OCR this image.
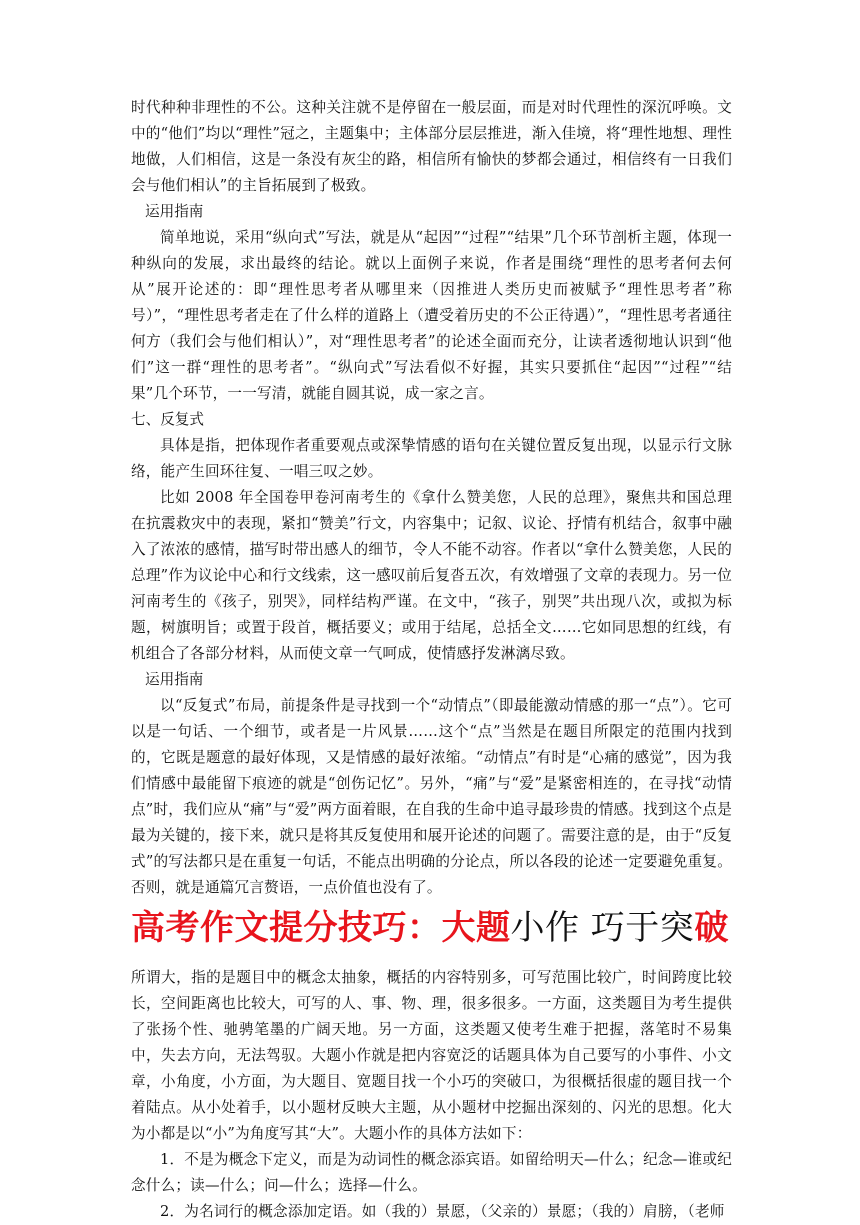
时代种种非理性的不公。这种关注就不是停留在一般层面，而是对时代理性的深沉呼唤。文中的“他们”均以“理性”冠之，主题集中；主体部分层层推进，渐入佳境，将“理性地想、理性地做，人们相信，这是一条没有灰尘的路，相信所有愉快的梦都会通过，相信终有一日我们会与他们相认”的主旨拓展到了极致。

运用指南

简单地说，采用“纵向式”写法，就是从“起因”“过程”“结果”几个环节剖析主题，体现一种纵向的发展，求出最终的结论。就以上面例子来说，作者是围绕“理性的思考者何去何从”展开论述的：即“理性思考者从哪里来（因推进人类历史而被赋予“理性思考者”称号）”，“理性思考者走在了什么样的道路上（遭受着历史的不公正待遇）”，“理性思考者通往何方（我们会与他们相认）”，对“理性思考者”的论述全面而充分，让读者透彻地认识到“他们”这一群“理性的思考者”。“纵向式”写法看似不好握，其实只要抓住“起因”“过程”“结果”几个环节，一一写清，就能自圆其说，成一家之言。

七、反复式

具体是指，把体现作者重要观点或深挚情感的语句在关键位置反复出现，以显示行文脉络，能产生回环往复、一唱三叹之妙。

比如 2008 年全国卷甲卷河南考生的《拿什么赞美您，人民的总理》，聚焦共和国总理在抗震救灾中的表现，紧扣“赞美”行文，内容集中；记叙、议论、抒情有机结合，叙事中融入了浓浓的感情，描写时带出感人的细节，令人不能不动容。作者以“拿什么赞美您，人民的总理”作为议论中心和行文线索，这一感叹前后复沓五次，有效增强了文章的表现力。另一位河南考生的《孩子，别哭》，同样结构严谨。在文中，“孩子，别哭”共出现八次，或拟为标题，树旗明旨；或置于段首，概括要义；或用于结尾，总括全文……它如同思想的红线，有机组合了各部分材料，从而使文章一气呵成，使情感抒发淋漓尽致。

运用指南

以“反复式”布局，前提条件是寻找到一个“动情点”（即最能激动情感的那一“点”）。它可以是一句话、一个细节，或者是一片风景……这个“点”当然是在题目所限定的范围内找到的，它既是题意的最好体现，又是情感的最好浓缩。“动情点”有时是“心痛的感觉”，因为我们情感中最能留下痕迹的就是“创伤记忆”。另外，“痛”与“爱”是紧密相连的，在寻找“动情点”时，我们应从“痛”与“爱”两方面着眼，在自我的生命中追寻最珍贵的情感。找到这个点是最为关键的，接下来，就只是将其反复使用和展开论述的问题了。需要注意的是，由于“反复式”的写法都只是在重复一句话，不能点出明确的分论点，所以各段的论述一定要避免重复。否则，就是通篇冗言赘语，一点价值也没有了。

高考作文提分技巧：大题小作 巧于突破

所谓大，指的是题目中的概念太抽象，概括的内容特别多，可写范围比较广，时间跨度比较长，空间距离也比较大，可写的人、事、物、理，很多很多。一方面，这类题目为考生提供了张扬个性、驰骋笔墨的广阔天地。另一方面，这类题又使考生难于把握，落笔时不易集中，失去方向，无法驾驭。大题小作就是把内容宽泛的话题具体为自己要写的小事件、小文章，小角度，小方面，为大题目、宽题目找一个小巧的突破口，为很概括很虚的题目找一个着陆点。从小处着手，以小题材反映大主题，从小题材中挖掘出深刻的、闪光的思想。化大为小都是以“小”为角度写其“大”。大题小作的具体方法如下：

1．不是为概念下定义，而是为动词性的概念添宾语。如留给明天—什么；纪念—谁或纪念什么；读—什么；问—什么；选择—什么。

2．为名词行的概念添加定语。如（我的）景愿，（父亲的）景愿；（我的）肩膀，（老师
